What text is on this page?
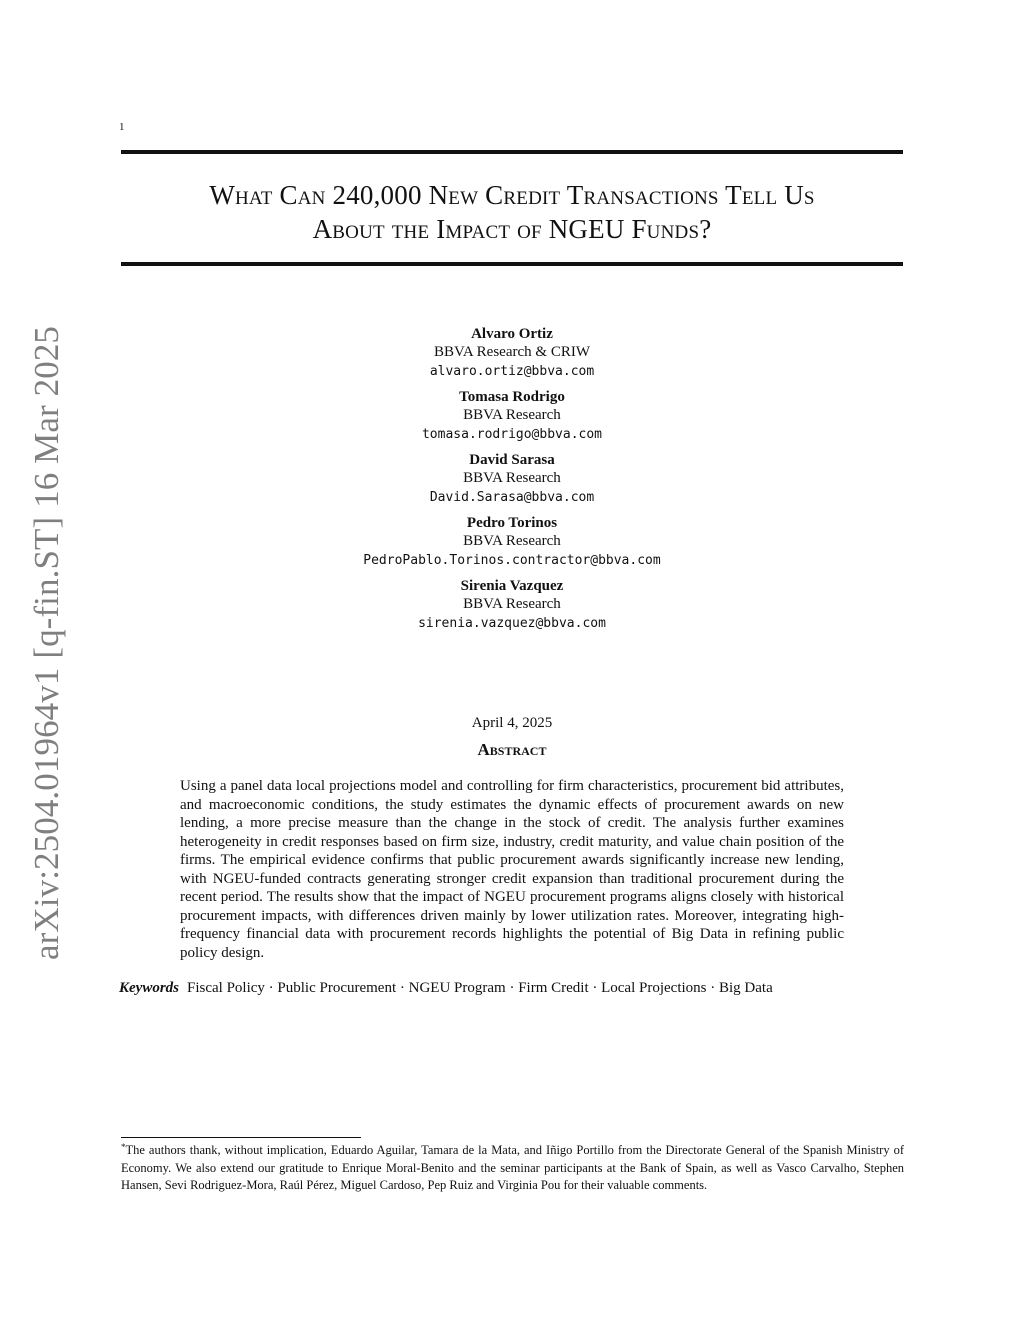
1
arXiv:2504.01964v1 [q-fin.ST] 16 Mar 2025
What Can 240,000 New Credit Transactions Tell Us
About the Impact of NGEU Funds?
Alvaro Ortiz
BBVA Research & CRIW
alvaro.ortiz@bbva.com
Tomasa Rodrigo
BBVA Research
tomasa.rodrigo@bbva.com
David Sarasa
BBVA Research
David.Sarasa@bbva.com
Pedro Torinos
BBVA Research
PedroPablo.Torinos.contractor@bbva.com
Sirenia Vazquez
BBVA Research
sirenia.vazquez@bbva.com
April 4, 2025
Abstract

Using a panel data local projections model and controlling for firm characteristics, procurement bid attributes, and macroeconomic conditions, the study estimates the dynamic effects of procurement awards on new lending, a more precise measure than the change in the stock of credit. The analysis further examines heterogeneity in credit responses based on firm size, industry, credit maturity, and value chain position of the firms. The empirical evidence confirms that public procurement awards significantly increase new lending, with NGEU-funded contracts generating stronger credit expansion than traditional procurement during the recent period. The results show that the impact of NGEU procurement programs aligns closely with historical procurement impacts, with differences driven mainly by lower utilization rates. Moreover, integrating high-frequency financial data with procurement records highlights the potential of Big Data in refining public policy design.

Keywords Fiscal Policy · Public Procurement · NGEU Program · Firm Credit · Local Projections · Big Data

*The authors thank, without implication, Eduardo Aguilar, Tamara de la Mata, and Iñigo Portillo from the Directorate General of the Spanish Ministry of Economy. We also extend our gratitude to Enrique Moral-Benito and the seminar participants at the Bank of Spain, as well as Vasco Carvalho, Stephen Hansen, Sevi Rodriguez-Mora, Raúl Pérez, Miguel Cardoso, Pep Ruiz and Virginia Pou for their valuable comments.
